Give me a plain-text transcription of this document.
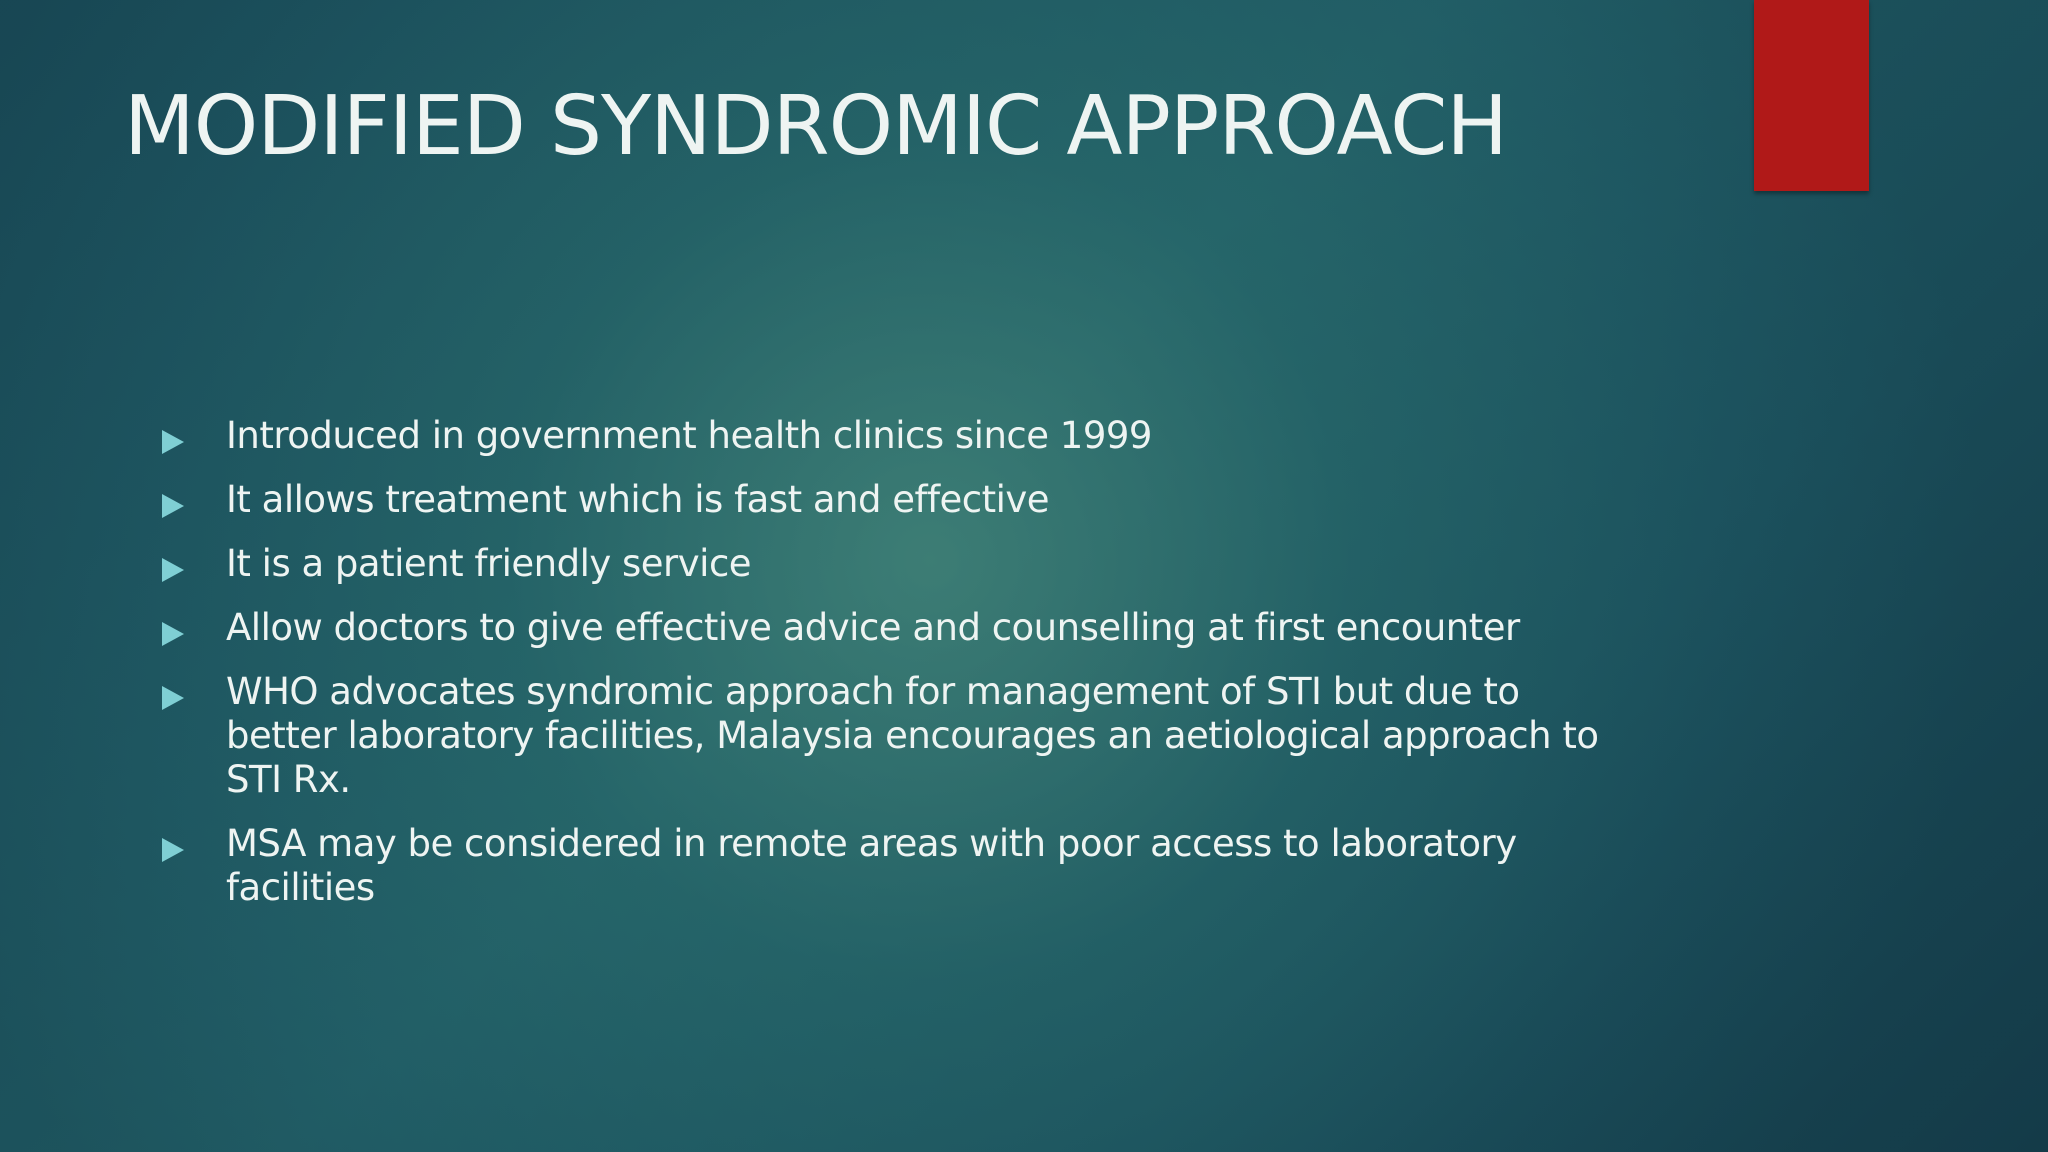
MODIFIED SYNDROMIC APPROACH
Introduced in government health clinics since 1999
It allows treatment which is fast and effective
It is a patient friendly service
Allow doctors to give effective advice and counselling at first encounter
WHO advocates syndromic approach for management of STI but due to better laboratory facilities, Malaysia encourages an aetiological approach to STI Rx.
MSA may be considered in remote areas with poor access to laboratory facilities
